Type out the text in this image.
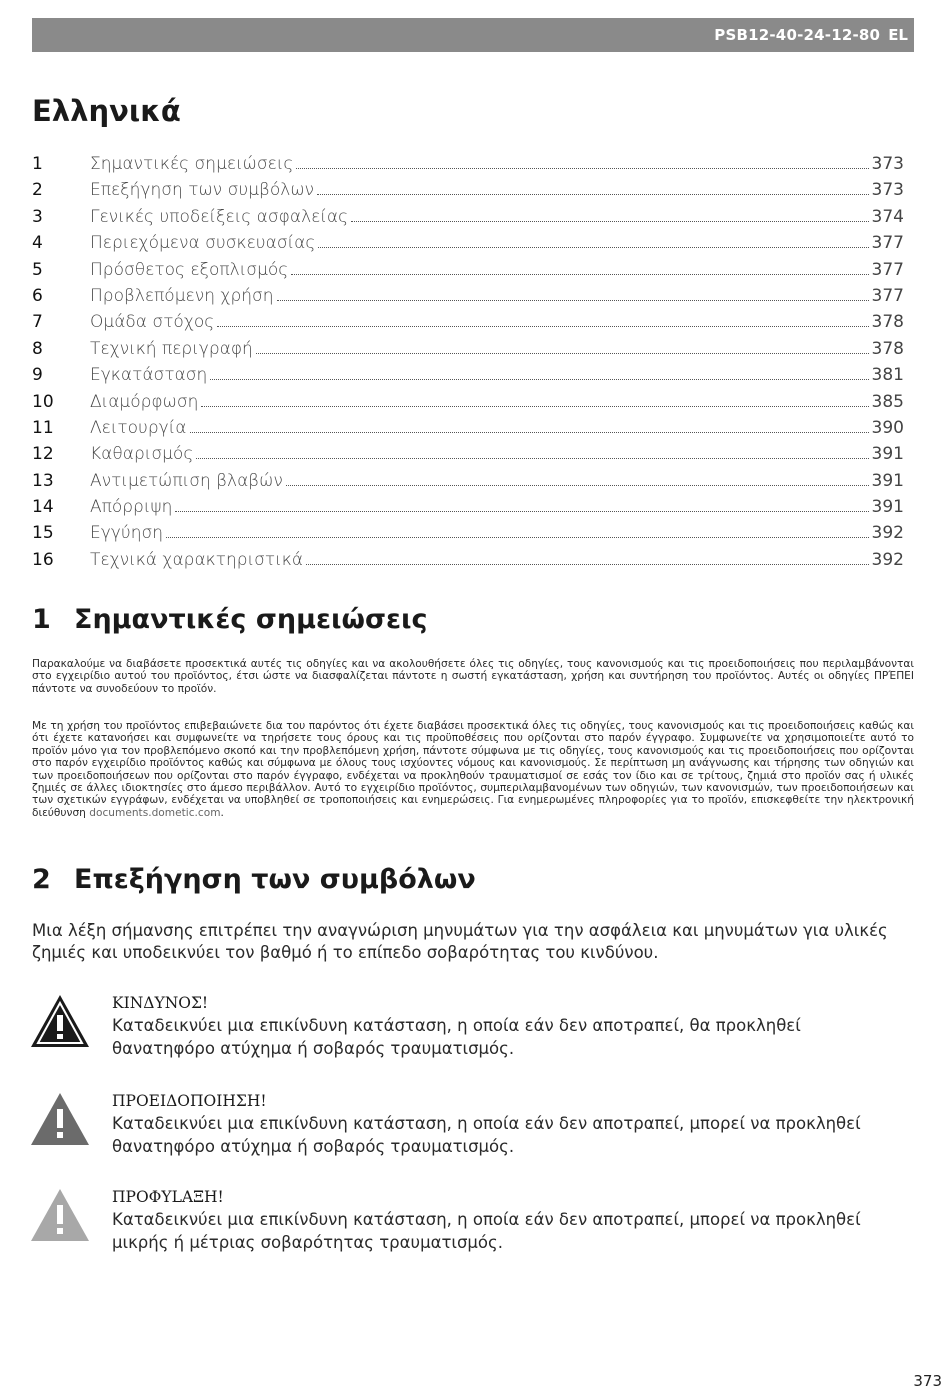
PSB12-40-24-12-80 EL
Ελληνικά
1	Σημαντικές σημειώσεις	373
2	Επεξήγηση των συμβόλων	373
3	Γενικές υποδείξεις ασφαλείας	374
4	Περιεχόμενα συσκευασίας	377
5	Πρόσθετος εξοπλισμός	377
6	Προβλεπόμενη χρήση	377
7	Ομάδα στόχος	378
8	Τεχνική περιγραφή	378
9	Εγκατάσταση	381
10	Διαμόρφωση	385
11	Λειτουργία	390
12	Καθαρισμός	391
13	Αντιμετώπιση βλαβών	391
14	Απόρριψη	391
15	Εγγύηση	392
16	Τεχνικά χαρακτηριστικά	392
1 Σημαντικές σημειώσεις

Παρακαλούμε να διαβάσετε προσεκτικά αυτές τις οδηγίες και να ακολουθήσετε όλες τις οδηγίες, τους κανονισμούς και τις προειδοποιήσεις που περιλαμβάνονται στο εγχειρίδιο αυτού του προϊόντος, έτσι ώστε να διασφαλίζεται πάντοτε η σωστή εγκατάσταση, χρήση και συντήρηση του προϊόντος. Αυτές οι οδηγίες ΠΡΈΠΕΙ πάντοτε να συνοδεύουν το προϊόν.

Με τη χρήση του προϊόντος επιβεβαιώνετε δια του παρόντος ότι έχετε διαβάσει προσεκτικά όλες τις οδηγίες, τους κανονισμούς και τις προειδοποιήσεις καθώς και ότι έχετε κατανοήσει και συμφωνείτε να τηρήσετε τους όρους και τις προϋποθέσεις που ορίζονται στο παρόν έγγραφο. Συμφωνείτε να χρησιμοποιείτε αυτό το προϊόν μόνο για τον προβλεπόμενο σκοπό και την προβλεπόμενη χρήση, πάντοτε σύμφωνα με τις οδηγίες, τους κανονισμούς και τις προειδοποιήσεις που ορίζονται στο παρόν εγχειρίδιο προϊόντος καθώς και σύμφωνα με όλους τους ισχύοντες νόμους και κανονισμούς. Σε περίπτωση μη ανάγνωσης και τήρησης των οδηγιών και των προειδοποιήσεων που ορίζονται στο παρόν έγγραφο, ενδέχεται να προκληθούν τραυματισμοί σε εσάς τον ίδιο και σε τρίτους, ζημιά στο προϊόν σας ή υλικές ζημιές σε άλλες ιδιοκτησίες στο άμεσο περιβάλλον. Αυτό το εγχειρίδιο προϊόντος, συμπεριλαμβανομένων των οδηγιών, των κανονισμών, των προειδοποιήσεων και των σχετικών εγγράφων, ενδέχεται να υποβληθεί σε τροποποιήσεις και ενημερώσεις. Για ενημερωμένες πληροφορίες για το προϊόν, επισκεφθείτε την ηλεκτρονική διεύθυνση documents.dometic.com.

2 Επεξήγηση των συμβόλων

Μια λέξη σήμανσης επιτρέπει την αναγνώριση μηνυμάτων για την ασφάλεια και μηνυμάτων για υλικές ζημιές και υποδεικνύει τον βαθμό ή το επίπεδο σοβαρότητας του κινδύνου.

ΚΙΝΔΥΝΟΣ!

Καταδεικνύει μια επικίνδυνη κατάσταση, η οποία εάν δεν αποτραπεί, θα προκληθεί θανατηφόρο ατύχημα ή σοβαρός τραυματισμός.

ΠΡΟΕΙΔΟΠΟΙΗΣΗ!

Καταδεικνύει μια επικίνδυνη κατάσταση, η οποία εάν δεν αποτραπεί, μπορεί να προκληθεί θανατηφόρο ατύχημα ή σοβαρός τραυματισμός.

ΠΡΟΦΥLΑΞΗ!

Καταδεικνύει μια επικίνδυνη κατάσταση, η οποία εάν δεν αποτραπεί, μπορεί να προκληθεί μικρής ή μέτριας σοβαρότητας τραυματισμός.

373
